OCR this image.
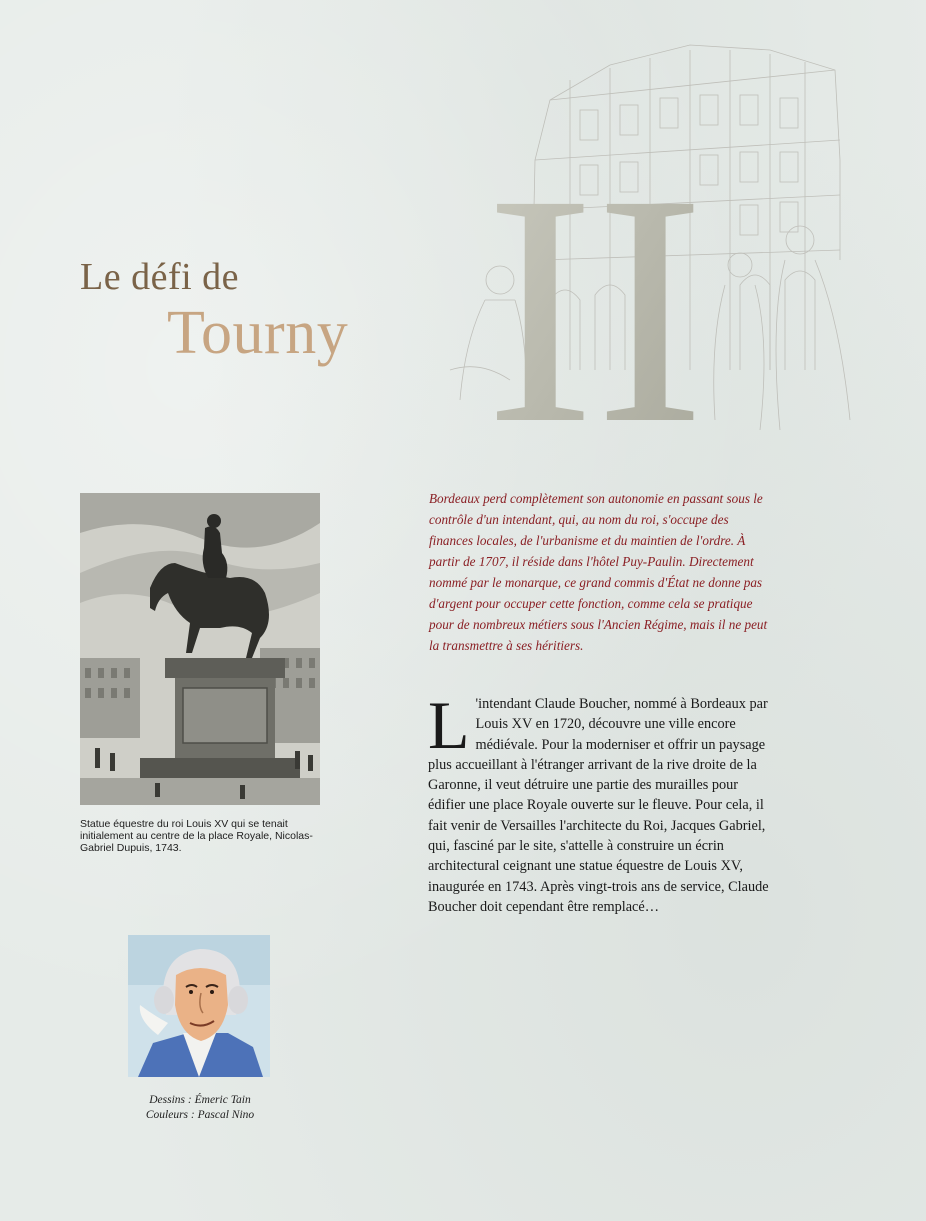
II
Le défi de
Tourny
Statue équestre du roi Louis XV qui se tenait initialement au centre de la place Royale, Nicolas-Gabriel Dupuis, 1743.

Bordeaux perd complètement son autonomie en passant sous le contrôle d'un intendant, qui, au nom du roi, s'occupe des finances locales, de l'urbanisme et du maintien de l'ordre. À partir de 1707, il réside dans l'hôtel Puy-Paulin. Directement nommé par le monarque, ce grand commis d'État ne donne pas d'argent pour occuper cette fonction, comme cela se pratique pour de nombreux métiers sous l'Ancien Régime, mais il ne peut la transmettre à ses héritiers.

L 'intendant Claude Boucher, nommé à Bordeaux par Louis XV en 1720, découvre une ville encore médiévale. Pour la moderniser et offrir un paysage plus accueillant à l'étranger arrivant de la rive droite de la Garonne, il veut détruire une partie des murailles pour édifier une place Royale ouverte sur le fleuve. Pour cela, il fait venir de Versailles l'architecte du Roi, Jacques Gabriel, qui, fasciné par le site, s'attelle à construire un écrin architectural ceignant une statue équestre de Louis XV, inaugurée en 1743. Après vingt-trois ans de service, Claude Boucher doit cependant être remplacé…

Dessins : Émeric Tain
Couleurs : Pascal Nino
